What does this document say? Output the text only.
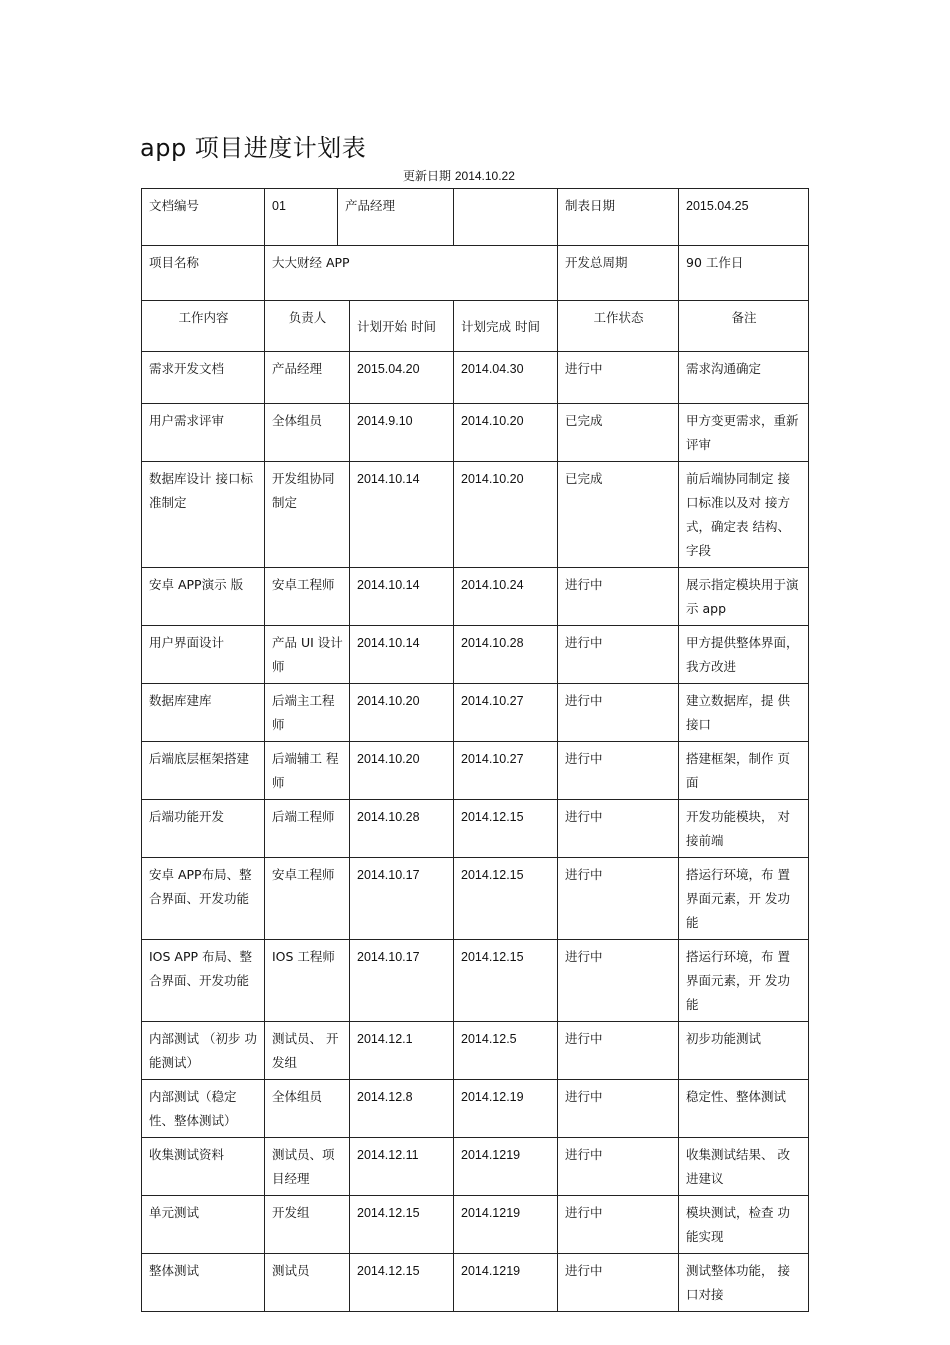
app 项目进度计划表
更新日期 2014.10.22
文档编号	01	产品经理			制表日期	2015.04.25
项目名称	大大财经 APP				开发总周期	90 工作日
工作内容	负责人		计划开始 时间	计划完成 时间	工作状态	备注
需求开发文档	产品经理		2015.04.20	2014.04.30	进行中	需求沟通确定
用户需求评审	全体组员		2014.9.10	2014.10.20	已完成	甲方变更需求，重新评审
数据库设计 接口标准制定	开发组协同制定		2014.10.14	2014.10.20	已完成	前后端协同制定 接口标准以及对 接方式，确定表 结构、字段
安卓 APP演示 版	安卓工程师		2014.10.14	2014.10.24	进行中	展示指定模块用于演示 app
用户界面设计	产品 UI 设计师		2014.10.14	2014.10.28	进行中	甲方提供整体界面，我方改进
数据库建库	后端主工程师		2014.10.20	2014.10.27	进行中	建立数据库，提 供接口
后端底层框架搭建	后端辅工 程师		2014.10.20	2014.10.27	进行中	搭建框架，制作 页面
后端功能开发	后端工程师		2014.10.28	2014.12.15	进行中	开发功能模块， 对接前端
安卓 APP布局、整合界面、开发功能	安卓工程师		2014.10.17	2014.12.15	进行中	搭运行环境，布 置界面元素，开 发功能
IOS APP 布局、整合界面、开发功能	IOS 工程师		2014.10.17	2014.12.15	进行中	搭运行环境，布 置界面元素，开 发功能
内部测试 （初步 功能测试）	测试员、 开发组		2014.12.1	2014.12.5	进行中	初步功能测试
内部测试（稳定 性、整体测试）	全体组员		2014.12.8	2014.12.19	进行中	稳定性、整体测试
收集测试资料	测试员、项目经理		2014.12.11	2014.1219	进行中	收集测试结果、 改进建议
单元测试	开发组		2014.12.15	2014.1219	进行中	模块测试，检查 功能实现
整体测试	测试员		2014.12.15	2014.1219	进行中	测试整体功能， 接口对接
